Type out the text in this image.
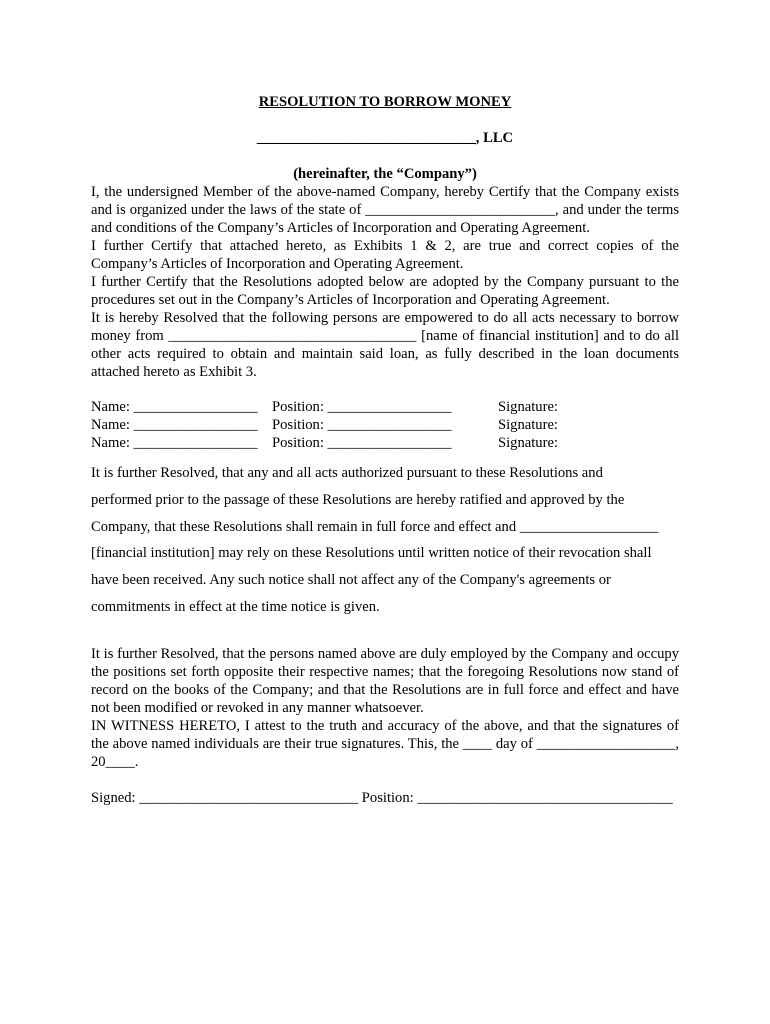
RESOLUTION TO BORROW MONEY

______________________________, LLC

(hereinafter, the “Company”)

I, the undersigned Member of the above-named Company, hereby Certify that the Company exists and is organized under the laws of the state of __________________________, and under the terms and conditions of the Company’s Articles of Incorporation and Operating Agreement.

I further Certify that attached hereto, as Exhibits 1 & 2, are true and correct copies of the Company’s Articles of Incorporation and Operating Agreement.

I further Certify that the Resolutions adopted below are adopted by the Company pursuant to the procedures set out in the Company’s Articles of Incorporation and Operating Agreement.

It is hereby Resolved that the following persons are empowered to do all acts necessary to borrow money from __________________________________ [name of financial institution] and to do all other acts required to obtain and maintain said loan, as fully described in the loan documents attached hereto as Exhibit 3.

Name: _________________ Position: _________________	Signature:
Name: _________________ Position: _________________	Signature:
Name: _________________ Position: _________________	Signature:

It is further Resolved, that any and all acts authorized pursuant to these Resolutions and

performed prior to the passage of these Resolutions are hereby ratified and approved by the

Company, that these Resolutions shall remain in full force and effect and ___________________

[financial institution] may rely on these Resolutions until written notice of their revocation shall

have been received. Any such notice shall not affect any of the Company's agreements or

commitments in effect at the time notice is given.

It is further Resolved, that the persons named above are duly employed by the Company and occupy the positions set forth opposite their respective names; that the foregoing Resolutions now stand of record on the books of the Company; and that the Resolutions are in full force and effect and have not been modified or revoked in any manner whatsoever.

IN WITNESS HERETO, I attest to the truth and accuracy of the above, and that the signatures of the above named individuals are their true signatures. This, the ____ day of ___________________, 20____.

Signed: ______________________________ Position: ___________________________________
